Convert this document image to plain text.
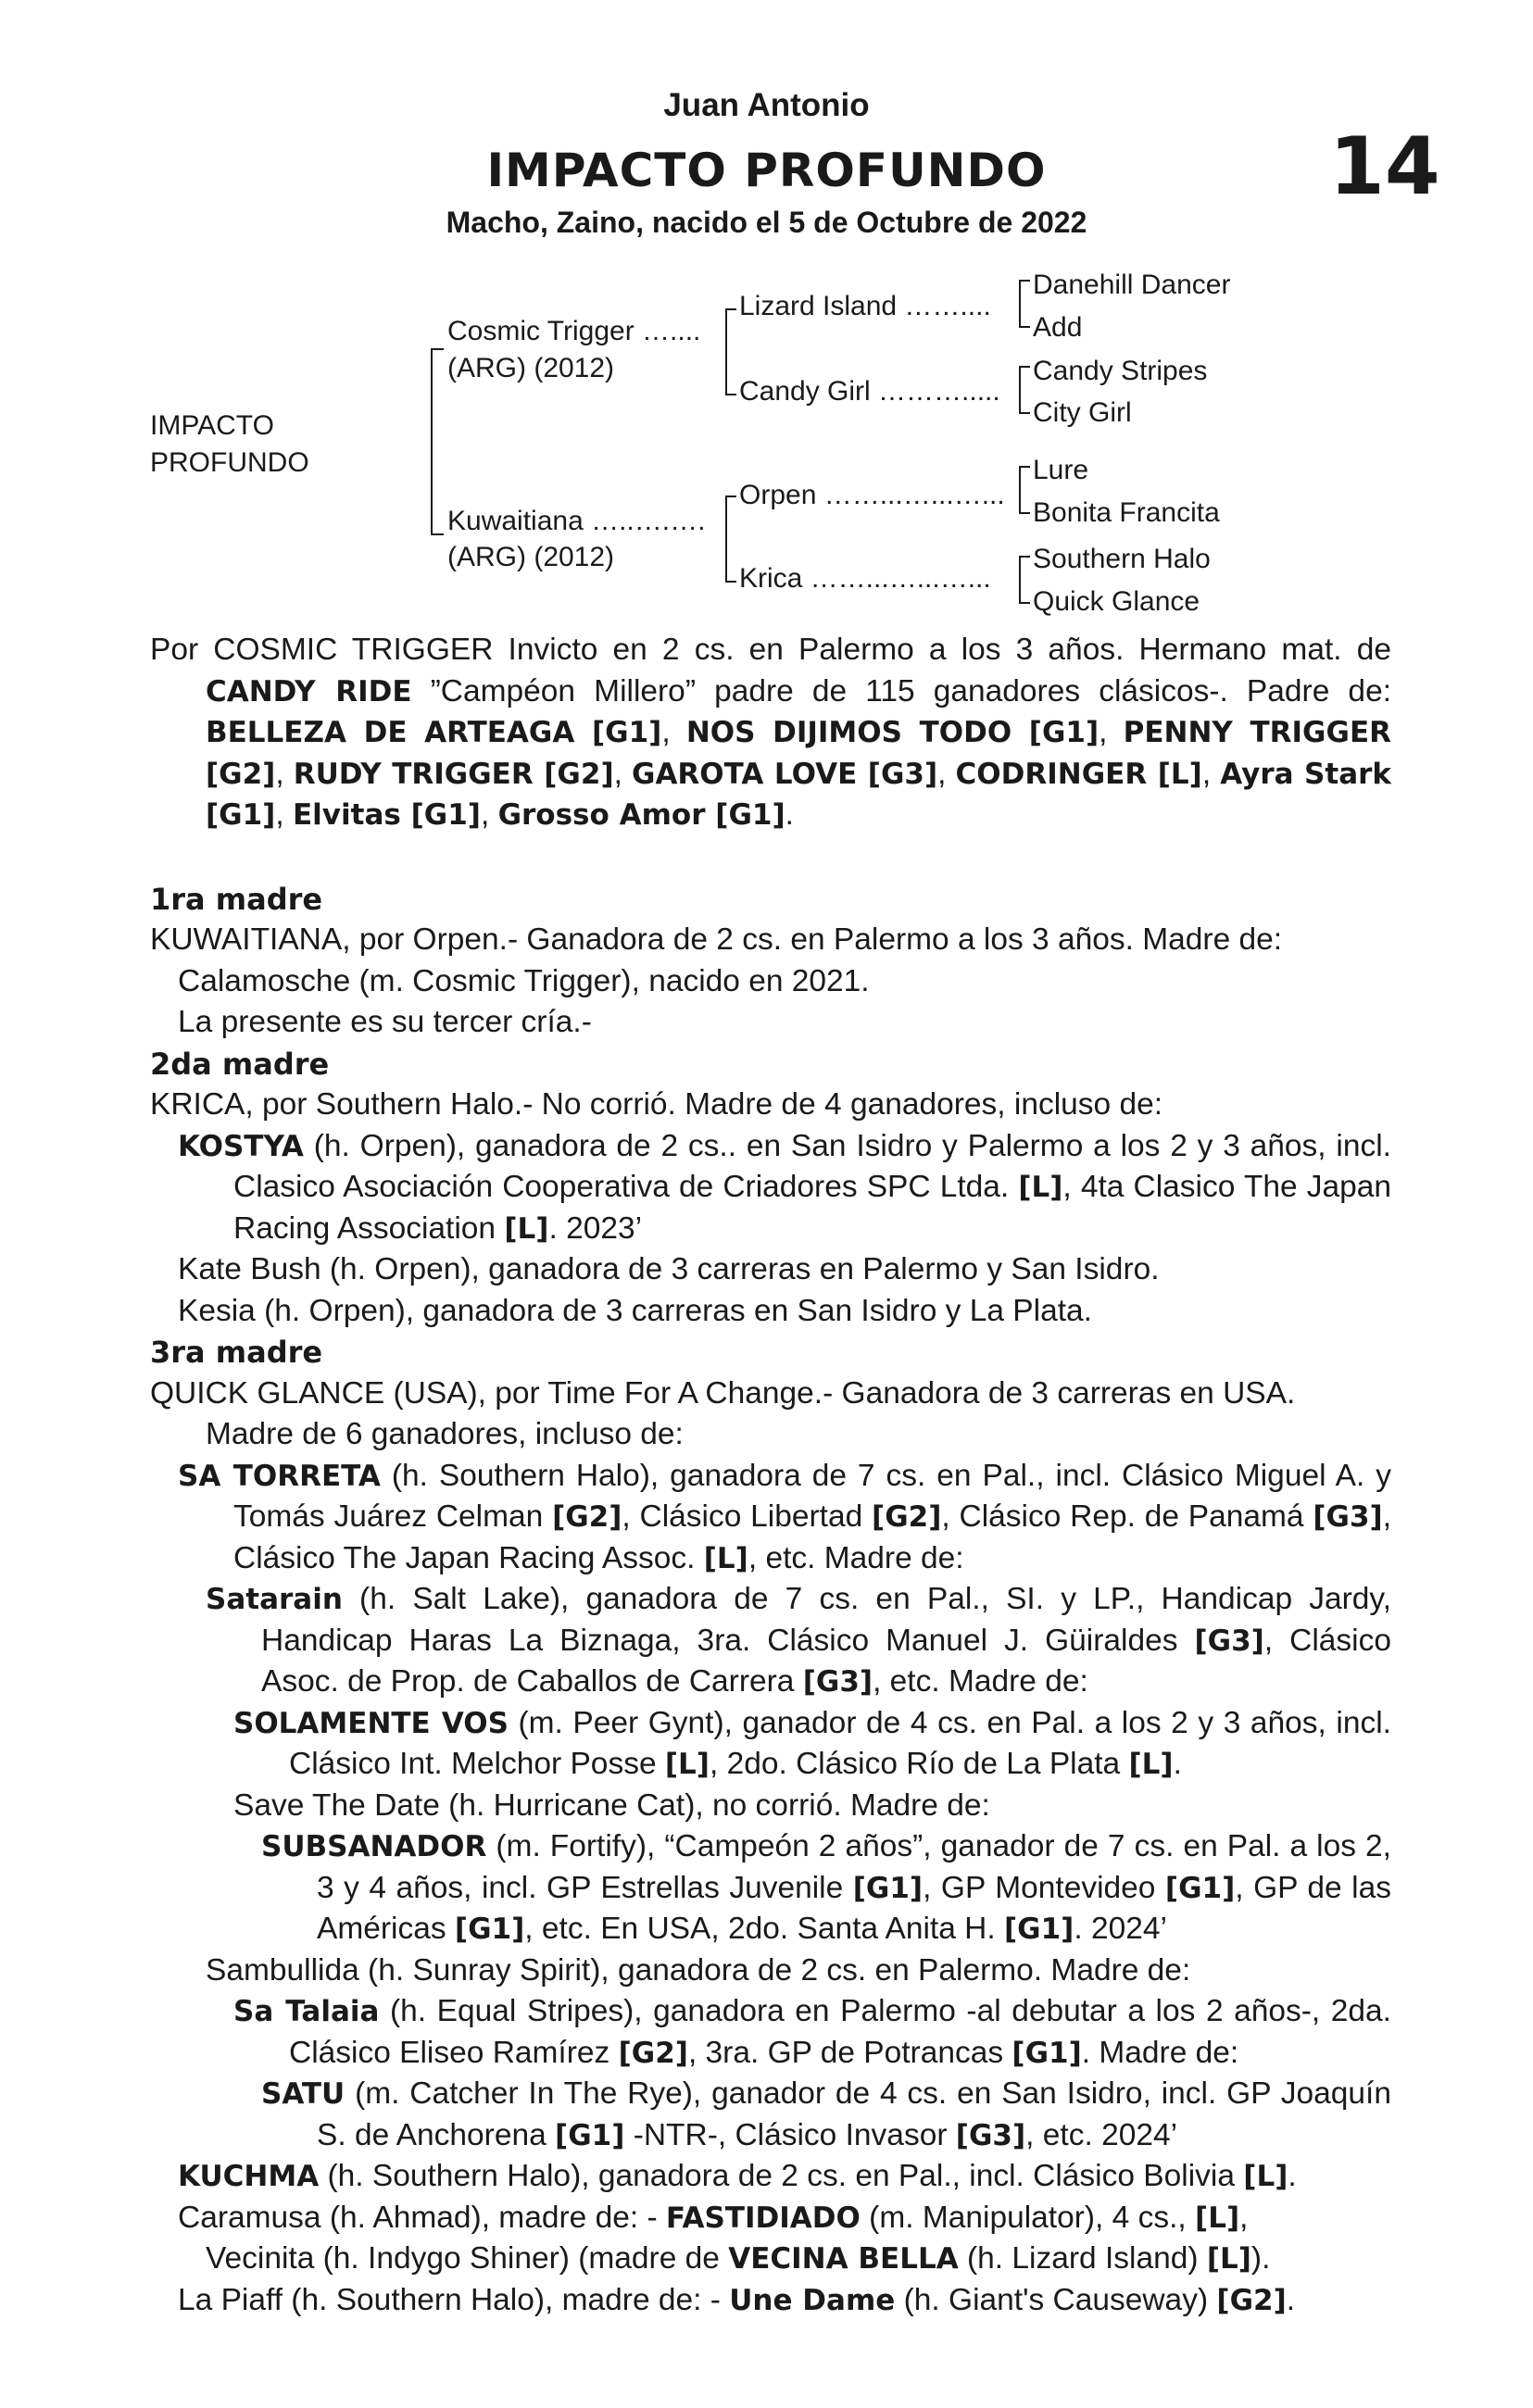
Juan Antonio
IMPACTO PROFUNDO	14
Macho, Zaino, nacido el 5 de Octubre de 2022
IMPACTO
PROFUNDO
Cosmic Trigger …....
(ARG) (2012)
Kuwaitiana …..….….
(ARG) (2012)
Lizard Island ……....
Candy Girl ……….....
Orpen ……...…...…...
Krica ……...…...…...
Danehill Dancer
Add
Candy Stripes
City Girl
Lure
Bonita Francita
Southern Halo
Quick Glance

Por COSMIC TRIGGER Invicto en 2 cs. en Palermo a los 3 años. Hermano mat. de CANDY RIDE ”Campéon Millero” padre de 115 ganadores clásicos-. Padre de: BELLEZA DE ARTEAGA [G1], NOS DIJIMOS TODO [G1], PENNY TRIGGER [G2], RUDY TRIGGER [G2], GAROTA LOVE [G3], CODRINGER [L], Ayra Stark [G1], Elvitas [G1], Grosso Amor [G1].

1ra madre

KUWAITIANA, por Orpen.- Ganadora de 2 cs. en Palermo a los 3 años. Madre de:

Calamosche (m. Cosmic Trigger), nacido en 2021.

La presente es su tercer cría.-

2da madre

KRICA, por Southern Halo.- No corrió. Madre de 4 ganadores, incluso de:

KOSTYA (h. Orpen), ganadora de 2 cs.. en San Isidro y Palermo a los 2 y 3 años, incl. Clasico Asociación Cooperativa de Criadores SPC Ltda. [L], 4ta Clasico The Japan Racing Association [L]. 2023’

Kate Bush (h. Orpen), ganadora de 3 carreras en Palermo y San Isidro.

Kesia (h. Orpen), ganadora de 3 carreras en San Isidro y La Plata.

3ra madre

QUICK GLANCE (USA), por Time For A Change.- Ganadora de 3 carreras en USA.

Madre de 6 ganadores, incluso de:

SA TORRETA (h. Southern Halo), ganadora de 7 cs. en Pal., incl. Clásico Miguel A. y Tomás Juárez Celman [G2], Clásico Libertad [G2], Clásico Rep. de Panamá [G3], Clásico The Japan Racing Assoc. [L], etc. Madre de:

Satarain (h. Salt Lake), ganadora de 7 cs. en Pal., SI. y LP., Handicap Jardy, Handicap Haras La Biznaga, 3ra. Clásico Manuel J. Güiraldes [G3], Clásico Asoc. de Prop. de Caballos de Carrera [G3], etc. Madre de:

SOLAMENTE VOS (m. Peer Gynt), ganador de 4 cs. en Pal. a los 2 y 3 años, incl. Clásico Int. Melchor Posse [L], 2do. Clásico Río de La Plata [L].

Save The Date (h. Hurricane Cat), no corrió. Madre de:

SUBSANADOR (m. Fortify), “Campeón 2 años”, ganador de 7 cs. en Pal. a los 2, 3 y 4 años, incl. GP Estrellas Juvenile [G1], GP Montevideo [G1], GP de las Américas [G1], etc. En USA, 2do. Santa Anita H. [G1]. 2024’

Sambullida (h. Sunray Spirit), ganadora de 2 cs. en Palermo. Madre de:

Sa Talaia (h. Equal Stripes), ganadora en Palermo -al debutar a los 2 años-, 2da. Clásico Eliseo Ramírez [G2], 3ra. GP de Potrancas [G1]. Madre de:

SATU (m. Catcher In The Rye), ganador de 4 cs. en San Isidro, incl. GP Joaquín S. de Anchorena [G1] -NTR-, Clásico Invasor [G3], etc. 2024’

KUCHMA (h. Southern Halo), ganadora de 2 cs. en Pal., incl. Clásico Bolivia [L].

Caramusa (h. Ahmad), madre de: - FASTIDIADO (m. Manipulator), 4 cs., [L],

Vecinita (h. Indygo Shiner) (madre de VECINA BELLA (h. Lizard Island) [L]).

La Piaff (h. Southern Halo), madre de: - Une Dame (h. Giant's Causeway) [G2].
